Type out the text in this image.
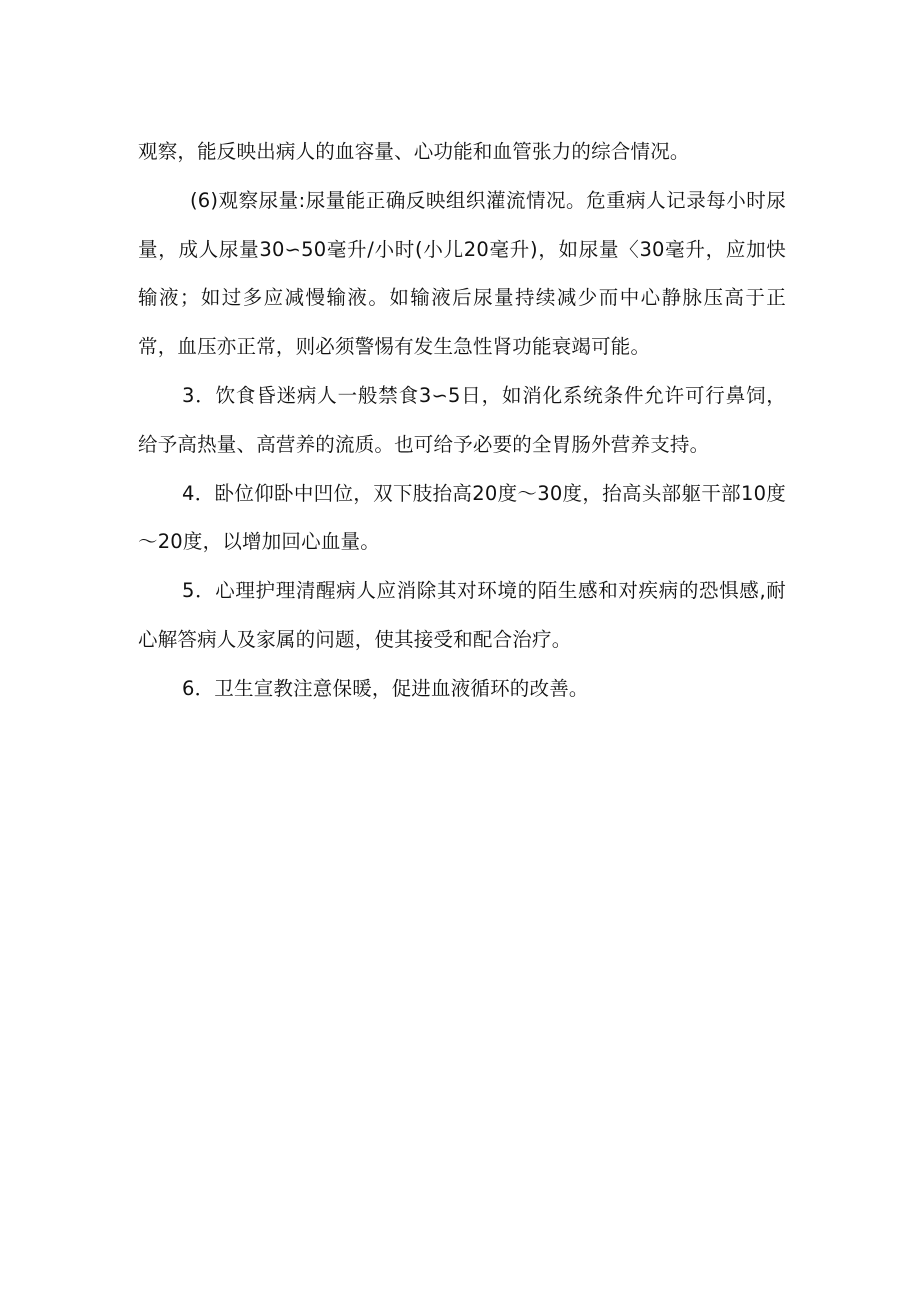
观察，能反映出病人的血容量、心功能和血管张力的综合情况。

(6)观察尿量:尿量能正确反映组织灌流情况。危重病人记录每小时尿量，成人尿量30∽50毫升/小时(小儿20毫升)，如尿量〈30毫升，应加快输液；如过多应减慢输液。如输液后尿量持续减少而中心静脉压高于正常，血压亦正常，则必须警惕有发生急性肾功能衰竭可能。

3．饮食昏迷病人一般禁食3∽5日，如消化系统条件允许可行鼻饲，给予高热量、高营养的流质。也可给予必要的全胃肠外营养支持。

4．卧位仰卧中凹位，双下肢抬高20度～30度，抬高头部躯干部10度～20度，以增加回心血量。

5．心理护理清醒病人应消除其对环境的陌生感和对疾病的恐惧感,耐心解答病人及家属的问题，使其接受和配合治疗。

6．卫生宣教注意保暖，促进血液循环的改善。
